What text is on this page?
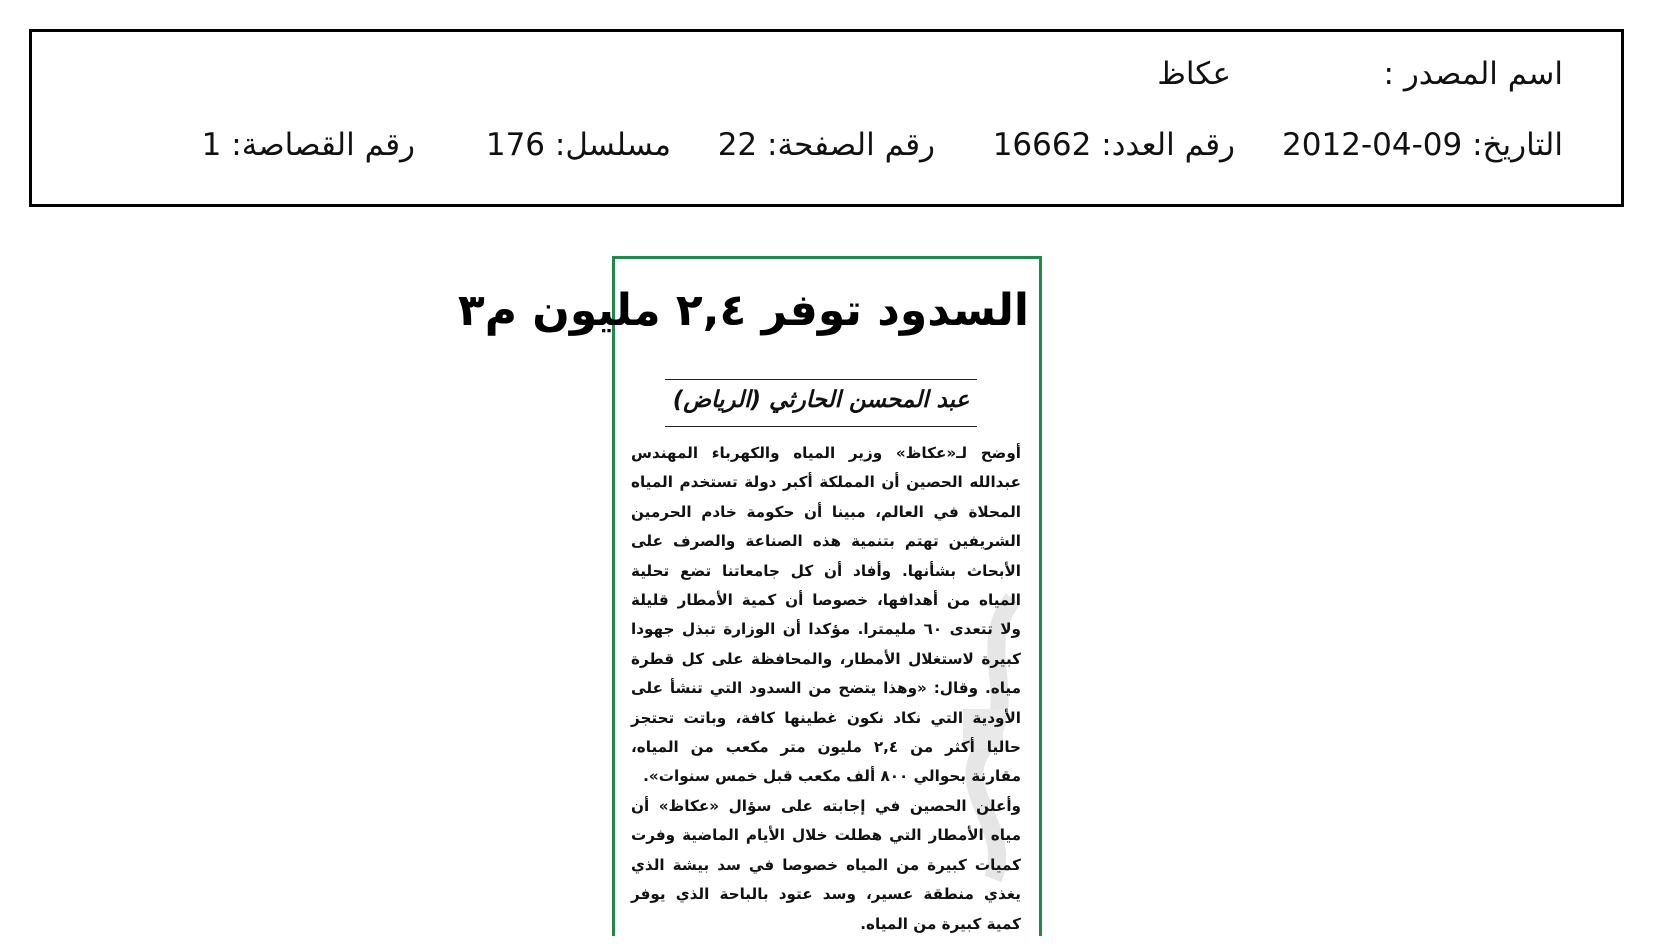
اسم المصدر :
عكاظ
التاريخ: 2012-04-09
رقم العدد: 16662
رقم الصفحة: 22
مسلسل: 176
رقم القصاصة: 1
السدود توفر ٢,٤ مليون م٣
عبد المحسن الحارثي (الرياض)

أوضح لـ«عكاظ» وزير المياه والكهرباء المهندس عبدالله الحصين أن المملكة أكبر دولة تستخدم المياه المحلاة في العالم، مبينا أن حكومة خادم الحرمين الشريفين تهتم بتنمية هذه الصناعة والصرف على الأبحاث بشأنها. وأفاد أن كل جامعاتنا تضع تحلية المياه من أهدافها، خصوصا أن كمية الأمطار قليلة ولا تتعدى ٦٠ مليمترا. مؤكدا أن الوزارة تبذل جهودا كبيرة لاستغلال الأمطار، والمحافظة على كل قطرة مياه. وقال: «وهذا يتضح من السدود التي تنشأ على الأودية التي نكاد نكون غطينها كافة، وباتت تحتجز حاليا أكثر من ٢,٤ مليون متر مكعب من المياه، مقارنة بحوالي ٨٠٠ ألف مكعب قبل خمس سنوات».

وأعلن الحصين في إجابته على سؤال «عكاظ» أن مياه الأمطار التي هطلت خلال الأيام الماضية وفرت كميات كبيرة من المياه خصوصا في سد بيشة الذي يغذي منطقة عسير، وسد عتود بالباحة الذي يوفر كمية كبيرة من المياه.
